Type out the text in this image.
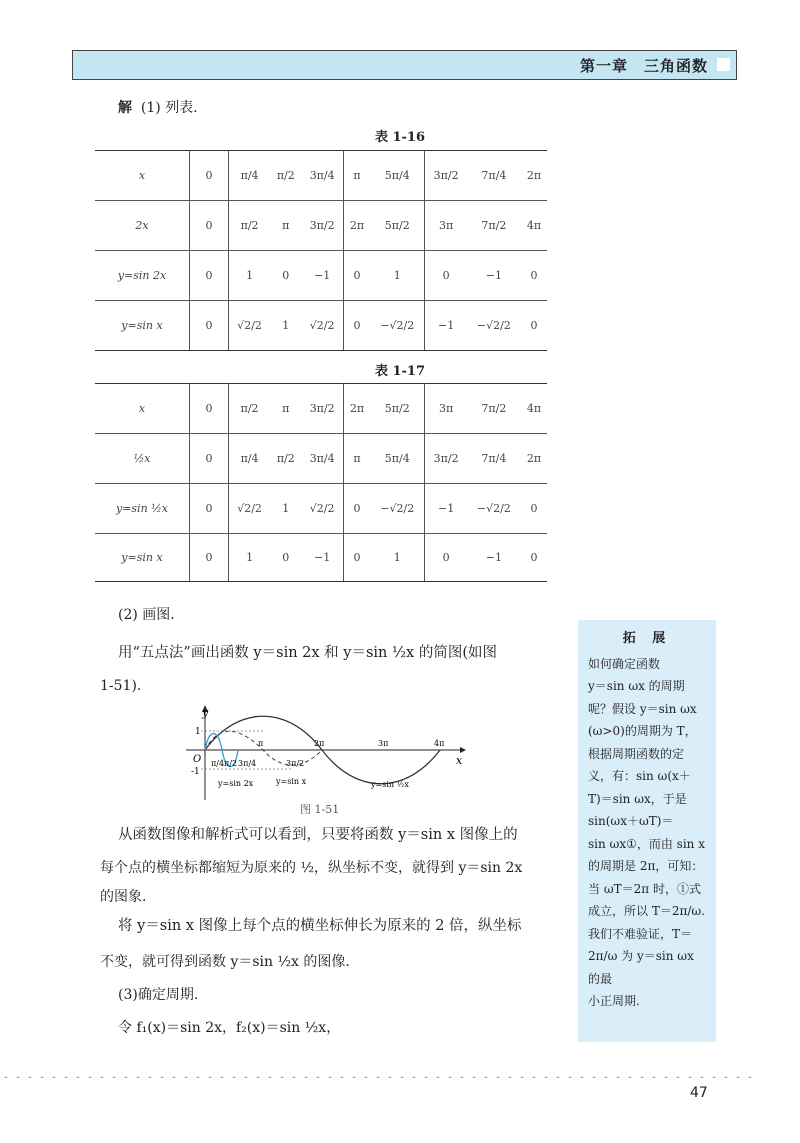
第一章　三角函数
解 (1) 列表.
表 1-16
x	0	π/4	π/2	3π/4	π	5π/4	3π/2	7π/4	2π
2x	0	π/2	π	3π/2	2π	5π/2	3π	7π/2	4π
y=sin 2x	0	1	0	−1	0	1	0	−1	0
y=sin x	0	√2/2	1	√2/2	0	−√2/2	−1	−√2/2	0
表 1-17
x	0	π/2	π	3π/2	2π	5π/2	3π	7π/2	4π
½x	0	π/4	π/2	3π/4	π	5π/4	3π/2	7π/4	2π
y=sin ½x	0	√2/2	1	√2/2	0	−√2/2	−1	−√2/2	0
y=sin x	0	1	0	−1	0	1	0	−1	0
(2) 画图.
用“五点法”画出函数 y＝sin 2x 和 y＝sin ½x 的简图(如图
1-51).
y
x
O
1
-1
π/4 π/2 3π/4
π
3π/2
2π	3π	4π
y=sin 2x	y=sin x	y=sin ½x
图 1-51
从函数图像和解析式可以看到，只要将函数 y＝sin x 图像上的
每个点的横坐标都缩短为原来的 ½，纵坐标不变，就得到 y＝sin 2x
的图象.
将 y＝sin x 图像上每个点的横坐标伸长为原来的 2 倍，纵坐标
不变，就可得到函数 y＝sin ½x 的图像.
(3)确定周期.
令 f₁(x)＝sin 2x，f₂(x)＝sin ½x，
拓 展

如何确定函数

y＝sin ωx 的周期

呢？假设 y＝sin ωx

(ω>0)的周期为 T，

根据周期函数的定

义，有：sin ω(x＋

T)＝sin ωx，于是

sin(ωx＋ωT)＝

sin ωx①，而由 sin x

的周期是 2π，可知：

当 ωT＝2π 时，①式

成立，所以 T＝2π/ω.

我们不难验证，T＝

2π/ω 为 y＝sin ωx 的最

小正周期.

47
